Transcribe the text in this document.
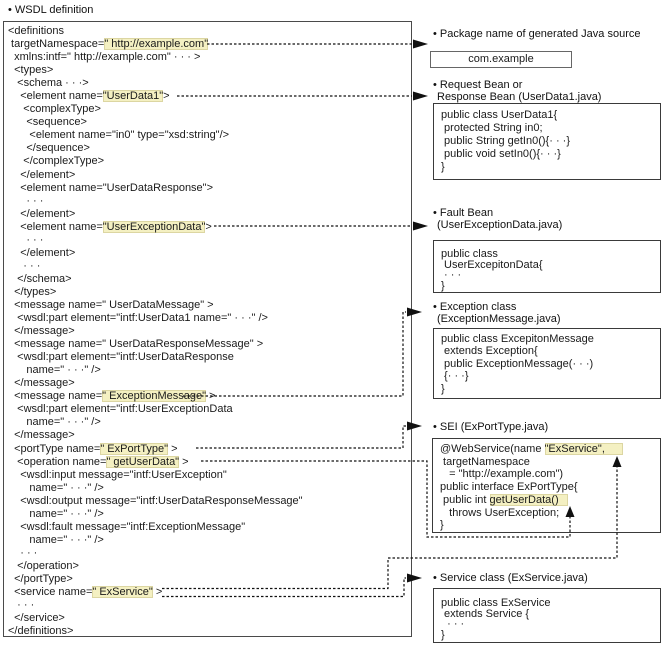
• WSDL definition
<definitions
targetNamespace=" http://example.com"
xmlns:intf=" http://example.com" · · · >
<types>
<schema · · ·>
<element name="UserData1">
<complexType>
<sequence>
<element name="in0" type="xsd:string"/>
</sequence>
</complexType>
</element>
<element name="UserDataResponse">
· · ·
</element>
<element name="UserExceptionData">
· · ·
</element>
· · ·
</schema>
</types>
<message name=" UserDataMessage" >
<wsdl:part element="intf:UserData1 name=" · · ·" />
</message>
<message name=" UserDataResponseMessage" >
<wsdl:part element="intf:UserDataResponse
name=" · · ·" />
</message>
<message name=" ExceptionMessage" >
<wsdl:part element="intf:UserExceptionData
name=" · · ·" />
</message>
<portType name=" ExPortType" >
<operation name=" getUserData" >
<wsdl:input message="intf:UserException"
name=" · · ·" />
<wsdl:output message="intf:UserDataResponseMessage"
name=" · · ·" />
<wsdl:fault message="intf:ExceptionMessage"
name=" · · ·" />
· · ·
</operation>
</portType>
<service name=" ExService" >
· · ·
</service>
</definitions>
• Package name of generated Java source
com.example
• Request Bean or
Response Bean (UserData1.java)
public class UserData1{
protected String in0;
public String getIn0(){· · ·}
public void setIn0(){· · ·}
}
• Fault Bean
(UserExceptionData.java)
public class
UserExcepitonData{
· · ·
}
• Exception class
(ExceptionMessage.java)
public class ExcepitonMessage
extends Exception{
public ExceptionMessage(· · ·)
{· · ·}
}
• SEI (ExPortType.java)
@WebService(name "ExService",
targetNamespace
= "http://example.com")
public interface ExPortType{
public int getUserData()
throws UserException;
}
• Service class (ExService.java)
public class ExService
extends Service {
· · ·
}
